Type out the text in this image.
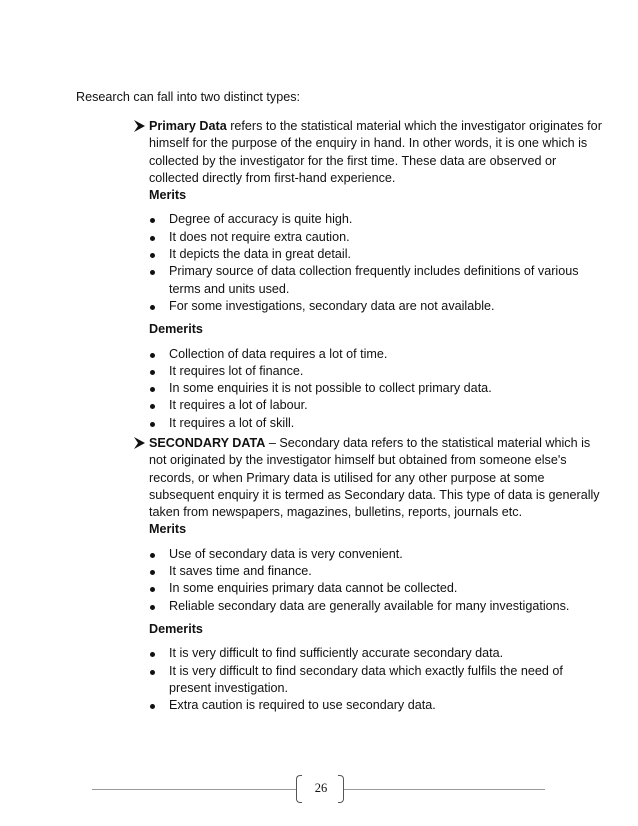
Research can fall into two distinct types:

Primary Data refers to the statistical material which the investigator originates for himself for the purpose of the enquiry in hand. In other words, it is one which is collected by the investigator for the first time. These data are observed or collected directly from first-hand experience.

Merits

Degree of accuracy is quite high.
It does not require extra caution.
It depicts the data in great detail.
Primary source of data collection frequently includes definitions of various terms and units used.
For some investigations, secondary data are not available.

Demerits

Collection of data requires a lot of time.
It requires lot of finance.
In some enquiries it is not possible to collect primary data.
It requires a lot of labour.
It requires a lot of skill.

SECONDARY DATA – Secondary data refers to the statistical material which is not originated by the investigator himself but obtained from someone else's records, or when Primary data is utilised for any other purpose at some subsequent enquiry it is termed as Secondary data. This type of data is generally taken from newspapers, magazines, bulletins, reports, journals etc.

Merits

Use of secondary data is very convenient.
It saves time and finance.
In some enquiries primary data cannot be collected.
Reliable secondary data are generally available for many investigations.

Demerits

It is very difficult to find sufficiently accurate secondary data.
It is very difficult to find secondary data which exactly fulfils the need of present investigation.
Extra caution is required to use secondary data.
26
